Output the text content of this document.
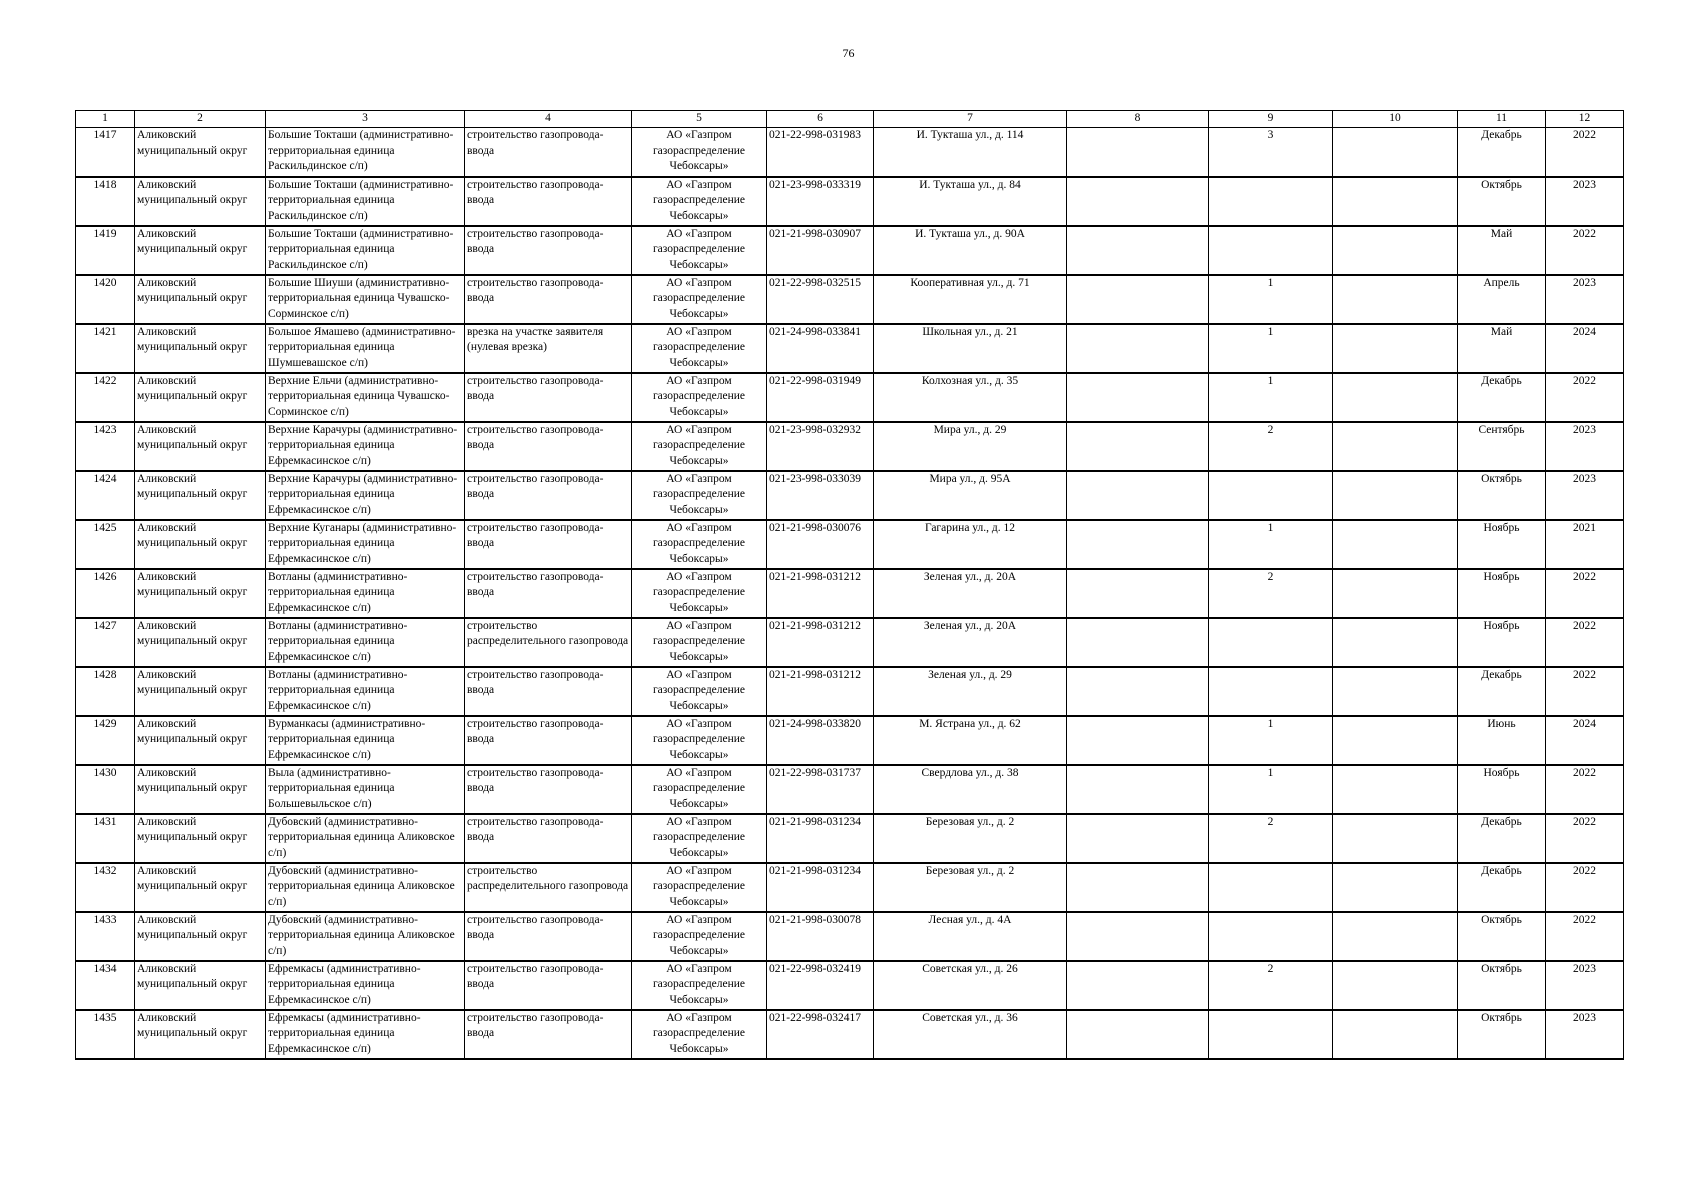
76
1	2	3	4	5	6	7	8	9	10	11	12
1417	Аликовский муниципальный округ	Большие Токташи (административно-территориальная единица Раскильдинское с/п)	строительство газопровода-ввода	АО «Газпром газораспределение Чебоксары»	021-22-998-031983	И. Тукташа ул., д. 114		3		Декабрь	2022
1418	Аликовский муниципальный округ	Большие Токташи (административно-территориальная единица Раскильдинское с/п)	строительство газопровода-ввода	АО «Газпром газораспределение Чебоксары»	021-23-998-033319	И. Тукташа ул., д. 84				Октябрь	2023
1419	Аликовский муниципальный округ	Большие Токташи (административно-территориальная единица Раскильдинское с/п)	строительство газопровода-ввода	АО «Газпром газораспределение Чебоксары»	021-21-998-030907	И. Тукташа ул., д. 90А				Май	2022
1420	Аликовский муниципальный округ	Большие Шиуши (административно-территориальная единица Чувашско-Сорминское с/п)	строительство газопровода-ввода	АО «Газпром газораспределение Чебоксары»	021-22-998-032515	Кооперативная ул., д. 71		1		Апрель	2023
1421	Аликовский муниципальный округ	Большое Ямашево (административно-территориальная единица Шумшевашское с/п)	врезка на участке заявителя (нулевая врезка)	АО «Газпром газораспределение Чебоксары»	021-24-998-033841	Школьная ул., д. 21		1		Май	2024
1422	Аликовский муниципальный округ	Верхние Ельчи (административно-территориальная единица Чувашско-Сорминское с/п)	строительство газопровода-ввода	АО «Газпром газораспределение Чебоксары»	021-22-998-031949	Колхозная ул., д. 35		1		Декабрь	2022
1423	Аликовский муниципальный округ	Верхние Карачуры (административно-территориальная единица Ефремкасинское с/п)	строительство газопровода-ввода	АО «Газпром газораспределение Чебоксары»	021-23-998-032932	Мира ул., д. 29		2		Сентябрь	2023
1424	Аликовский муниципальный округ	Верхние Карачуры (административно-территориальная единица Ефремкасинское с/п)	строительство газопровода-ввода	АО «Газпром газораспределение Чебоксары»	021-23-998-033039	Мира ул., д. 95А				Октябрь	2023
1425	Аликовский муниципальный округ	Верхние Куганары (административно-территориальная единица Ефремкасинское с/п)	строительство газопровода-ввода	АО «Газпром газораспределение Чебоксары»	021-21-998-030076	Гагарина ул., д. 12		1		Ноябрь	2021
1426	Аликовский муниципальный округ	Вотланы (административно-территориальная единица Ефремкасинское с/п)	строительство газопровода-ввода	АО «Газпром газораспределение Чебоксары»	021-21-998-031212	Зеленая ул., д. 20А		2		Ноябрь	2022
1427	Аликовский муниципальный округ	Вотланы (административно-территориальная единица Ефремкасинское с/п)	строительство распределительного газопровода	АО «Газпром газораспределение Чебоксары»	021-21-998-031212	Зеленая ул., д. 20А				Ноябрь	2022
1428	Аликовский муниципальный округ	Вотланы (административно-территориальная единица Ефремкасинское с/п)	строительство газопровода-ввода	АО «Газпром газораспределение Чебоксары»	021-21-998-031212	Зеленая ул., д. 29				Декабрь	2022
1429	Аликовский муниципальный округ	Вурманкасы (административно-территориальная единица Ефремкасинское с/п)	строительство газопровода-ввода	АО «Газпром газораспределение Чебоксары»	021-24-998-033820	М. Ястрана ул., д. 62		1		Июнь	2024
1430	Аликовский муниципальный округ	Выла (административно-территориальная единица Большевыльское с/п)	строительство газопровода-ввода	АО «Газпром газораспределение Чебоксары»	021-22-998-031737	Свердлова ул., д. 38		1		Ноябрь	2022
1431	Аликовский муниципальный округ	Дубовский (административно-территориальная единица Аликовское с/п)	строительство газопровода-ввода	АО «Газпром газораспределение Чебоксары»	021-21-998-031234	Березовая ул., д. 2		2		Декабрь	2022
1432	Аликовский муниципальный округ	Дубовский (административно-территориальная единица Аликовское с/п)	строительство распределительного газопровода	АО «Газпром газораспределение Чебоксары»	021-21-998-031234	Березовая ул., д. 2				Декабрь	2022
1433	Аликовский муниципальный округ	Дубовский (административно-территориальная единица Аликовское с/п)	строительство газопровода-ввода	АО «Газпром газораспределение Чебоксары»	021-21-998-030078	Лесная ул., д. 4А				Октябрь	2022
1434	Аликовский муниципальный округ	Ефремкасы (административно-территориальная единица Ефремкасинское с/п)	строительство газопровода-ввода	АО «Газпром газораспределение Чебоксары»	021-22-998-032419	Советская ул., д. 26		2		Октябрь	2023
1435	Аликовский муниципальный округ	Ефремкасы (административно-территориальная единица Ефремкасинское с/п)	строительство газопровода-ввода	АО «Газпром газораспределение Чебоксары»	021-22-998-032417	Советская ул., д. 36				Октябрь	2023
